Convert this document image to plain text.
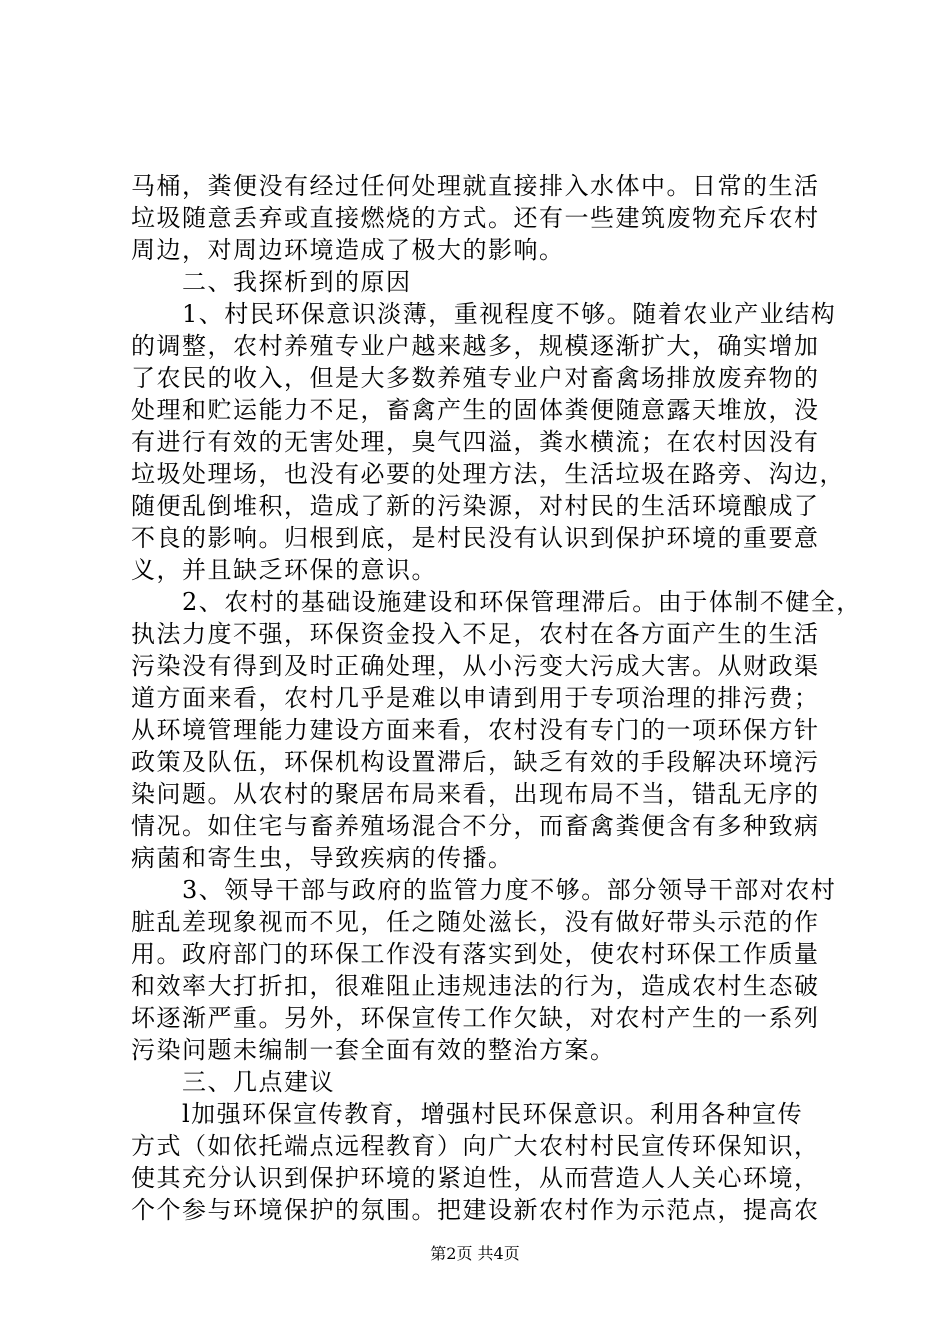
马桶，粪便没有经过任何处理就直接排入水体中。日常的生活
垃圾随意丢弃或直接燃烧的方式。还有一些建筑废物充斥农村
周边，对周边环境造成了极大的影响。
　　二、我探析到的原因
　　1、村民环保意识淡薄，重视程度不够。随着农业产业结构
的调整，农村养殖专业户越来越多，规模逐渐扩大，确实增加
了农民的收入，但是大多数养殖专业户对畜禽场排放废弃物的
处理和贮运能力不足，畜禽产生的固体粪便随意露天堆放，没
有进行有效的无害处理，臭气四溢，粪水横流；在农村因没有
垃圾处理场，也没有必要的处理方法，生活垃圾在路旁、沟边，
随便乱倒堆积，造成了新的污染源，对村民的生活环境酿成了
不良的影响。归根到底，是村民没有认识到保护环境的重要意
义，并且缺乏环保的意识。
　　2、农村的基础设施建设和环保管理滞后。由于体制不健全，
执法力度不强，环保资金投入不足，农村在各方面产生的生活
污染没有得到及时正确处理，从小污变大污成大害。从财政渠
道方面来看，农村几乎是难以申请到用于专项治理的排污费；
从环境管理能力建设方面来看，农村没有专门的一项环保方针
政策及队伍，环保机构设置滞后，缺乏有效的手段解决环境污
染问题。从农村的聚居布局来看，出现布局不当，错乱无序的
情况。如住宅与畜养殖场混合不分，而畜禽粪便含有多种致病
病菌和寄生虫，导致疾病的传播。
　　3、领导干部与政府的监管力度不够。部分领导干部对农村
脏乱差现象视而不见，任之随处滋长，没有做好带头示范的作
用。政府部门的环保工作没有落实到处，使农村环保工作质量
和效率大打折扣，很难阻止违规违法的行为，造成农村生态破
坏逐渐严重。另外，环保宣传工作欠缺，对农村产生的一系列
污染问题未编制一套全面有效的整治方案。
　　三、几点建议
　　l加强环保宣传教育，增强村民环保意识。利用各种宣传
方式（如依托端点远程教育）向广大农村村民宣传环保知识，
使其充分认识到保护环境的紧迫性，从而营造人人关心环境，
个个参与环境保护的氛围。把建设新农村作为示范点，提高农
第2页 共4页
